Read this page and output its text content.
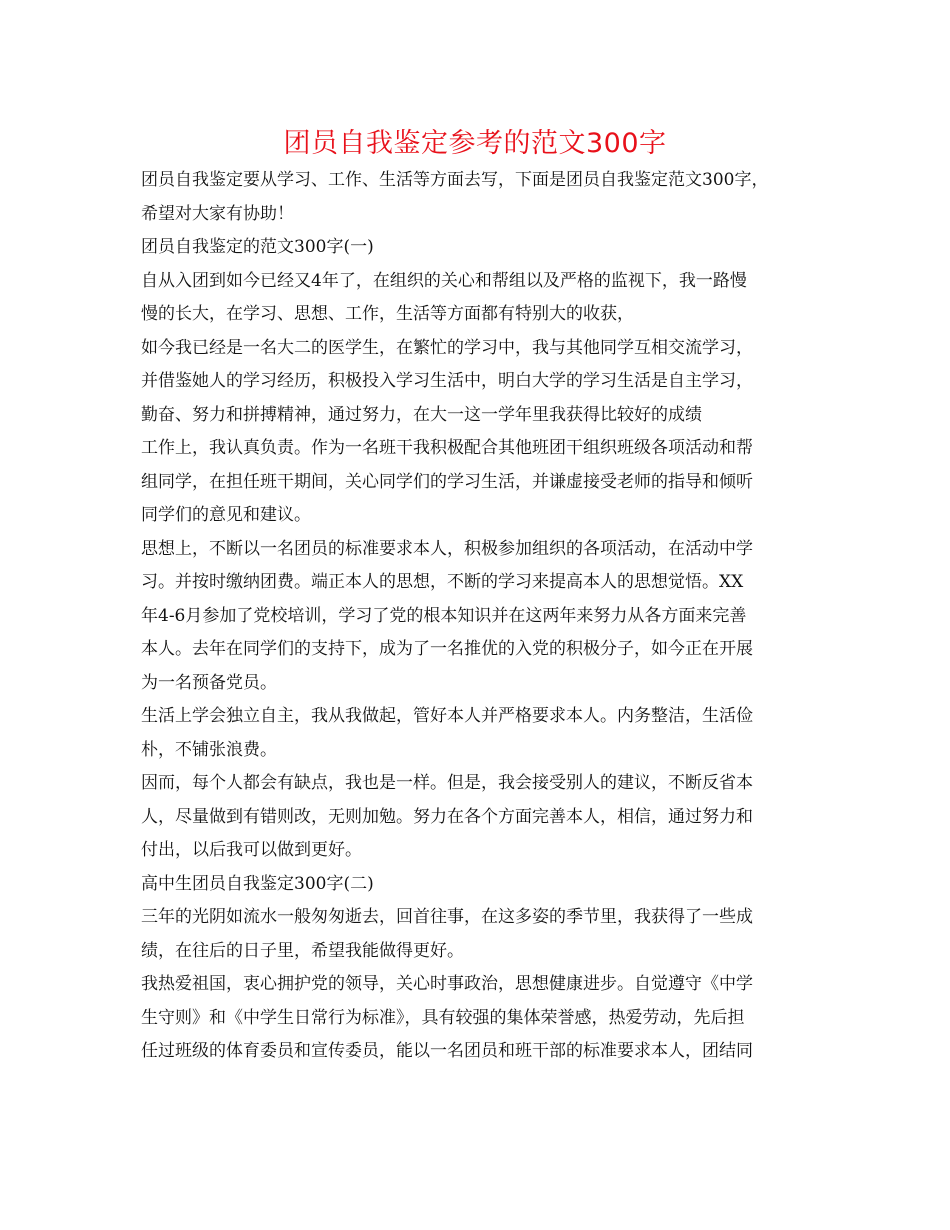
团员自我鉴定参考的范文300字
团员自我鉴定要从学习、工作、生活等方面去写，下面是团员自我鉴定范文300字，
希望对大家有协助！
团员自我鉴定的范文300字(一)
自从入团到如今已经又4年了，在组织的关心和帮组以及严格的监视下，我一路慢
慢的长大，在学习、思想、工作，生活等方面都有特别大的收获，
如今我已经是一名大二的医学生，在繁忙的学习中，我与其他同学互相交流学习，
并借鉴她人的学习经历，积极投入学习生活中，明白大学的学习生活是自主学习，
勤奋、努力和拼搏精神，通过努力，在大一这一学年里我获得比较好的成绩
工作上，我认真负责。作为一名班干我积极配合其他班团干组织班级各项活动和帮
组同学，在担任班干期间，关心同学们的学习生活，并谦虚接受老师的指导和倾听
同学们的意见和建议。
思想上，不断以一名团员的标准要求本人，积极参加组织的各项活动，在活动中学
习。并按时缴纳团费。端正本人的思想，不断的学习来提高本人的思想觉悟。XX
年4-6月参加了党校培训，学习了党的根本知识并在这两年来努力从各方面来完善
本人。去年在同学们的支持下，成为了一名推优的入党的积极分子，如今正在开展
为一名预备党员。
生活上学会独立自主，我从我做起，管好本人并严格要求本人。内务整洁，生活俭
朴，不铺张浪费。
因而，每个人都会有缺点，我也是一样。但是，我会接受别人的建议，不断反省本
人，尽量做到有错则改，无则加勉。努力在各个方面完善本人，相信，通过努力和
付出，以后我可以做到更好。
高中生团员自我鉴定300字(二)
三年的光阴如流水一般匆匆逝去，回首往事，在这多姿的季节里，我获得了一些成
绩，在往后的日子里，希望我能做得更好。
我热爱祖国，衷心拥护党的领导，关心时事政治，思想健康进步。自觉遵守《中学
生守则》和《中学生日常行为标准》，具有较强的集体荣誉感，热爱劳动，先后担
任过班级的体育委员和宣传委员，能以一名团员和班干部的标准要求本人，团结同
